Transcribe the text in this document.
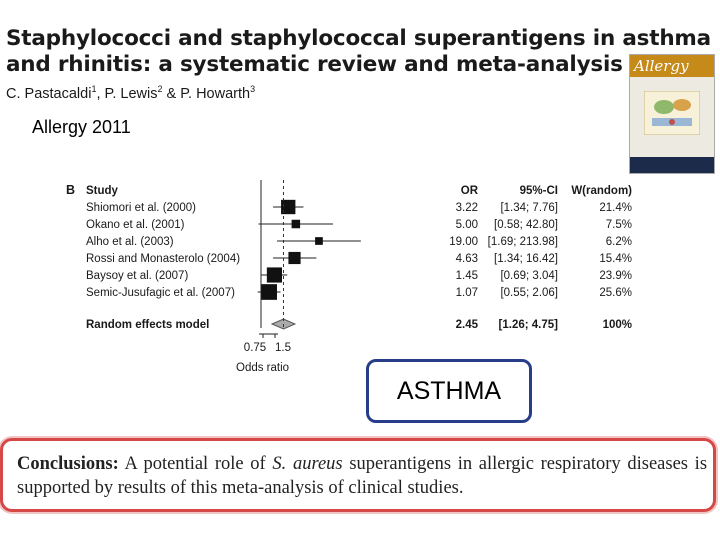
Staphylococci and staphylococcal superantigens in asthma and rhinitis: a systematic review and meta-analysis
C. Pastacaldi$^1$, P. Lewis$^2$ & P. Howarth$^3$
Allergy 2011
Allergy
B Study	OR	95%-CI W(random)
Shiomori et al. (2000)	3.22 [1.34; 7.76]	21.4%
Okano et al. (2001)	5.00 [0.58; 42.80]	7.5%
Alho et al. (2003)	19.00 [1.69; 213.98]	6.2%
Rossi and Monasterolo (2004)	4.63 [1.34; 16.42]	15.4%
Baysoy et al. (2007)	1.45 [0.69; 3.04]	23.9%
Semic-Jusufagic et al. (2007)	1.07 [0.55; 2.06]	25.6%
Random effects model	2.45 [1.26; 4.75]	100%
0.75 1.5
Odds ratio
ASTHMA
Conclusions: A potential role of S. aureus superantigens in allergic respiratory diseases is supported by results of this meta-analysis of clinical studies.
